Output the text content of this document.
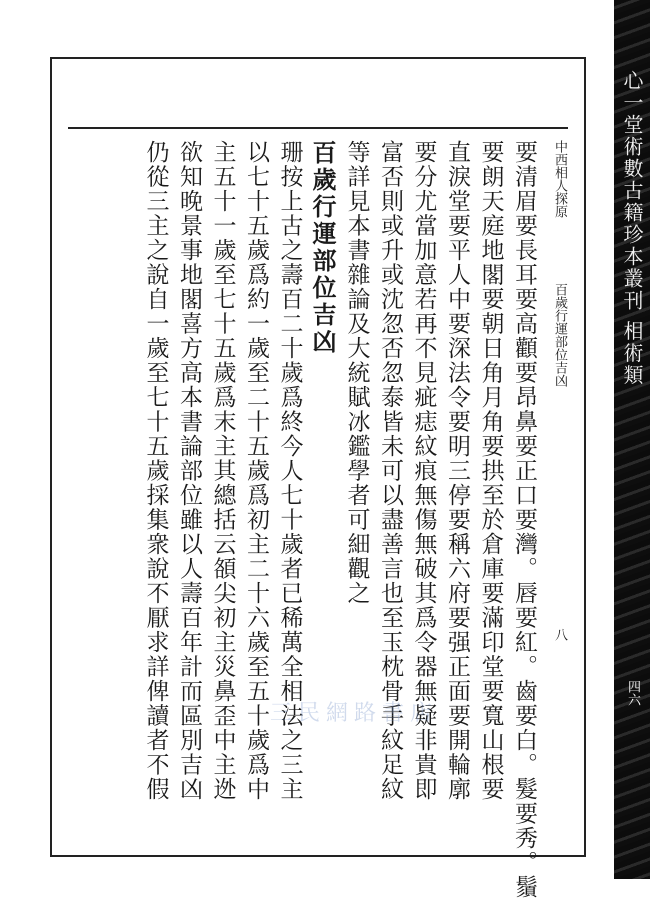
心一堂術數古籍珍本叢刊 相術類
四六
中西相人探原
百歲行運部位吉凶
八
要清眉要長耳要高顴要昂鼻要正口要灣。唇要紅。齒要白。髮要秀。鬚
要朗天庭地閣要朝日角月角要拱至於倉庫要滿印堂要寬山根要
直淚堂要平人中要深法令要明三停要稱六府要强正面要開輪廓
要分尤當加意若再不見疵痣紋痕無傷無破其爲令器無疑非貴即
富否則或升或沈忽否忽泰皆未可以盡善言也至玉枕骨手紋足紋
等詳見本書雜論及大統賦冰鑑學者可細觀之
百歲行運部位吉凶
珊按上古之壽百二十歲爲終今人七十歲者已稀萬全相法之三主
以七十五歲爲約一歲至二十五歲爲初主二十六歲至五十歲爲中
主五十一歲至七十五歲爲末主其總括云頟尖初主災鼻歪中主迯
欲知晚景事地閣喜方高本書論部位雖以人壽百年計而區別吉凶
仍從三主之說自一歲至七十五歲採集衆說不厭求詳俾讀者不假	三民網路書店
